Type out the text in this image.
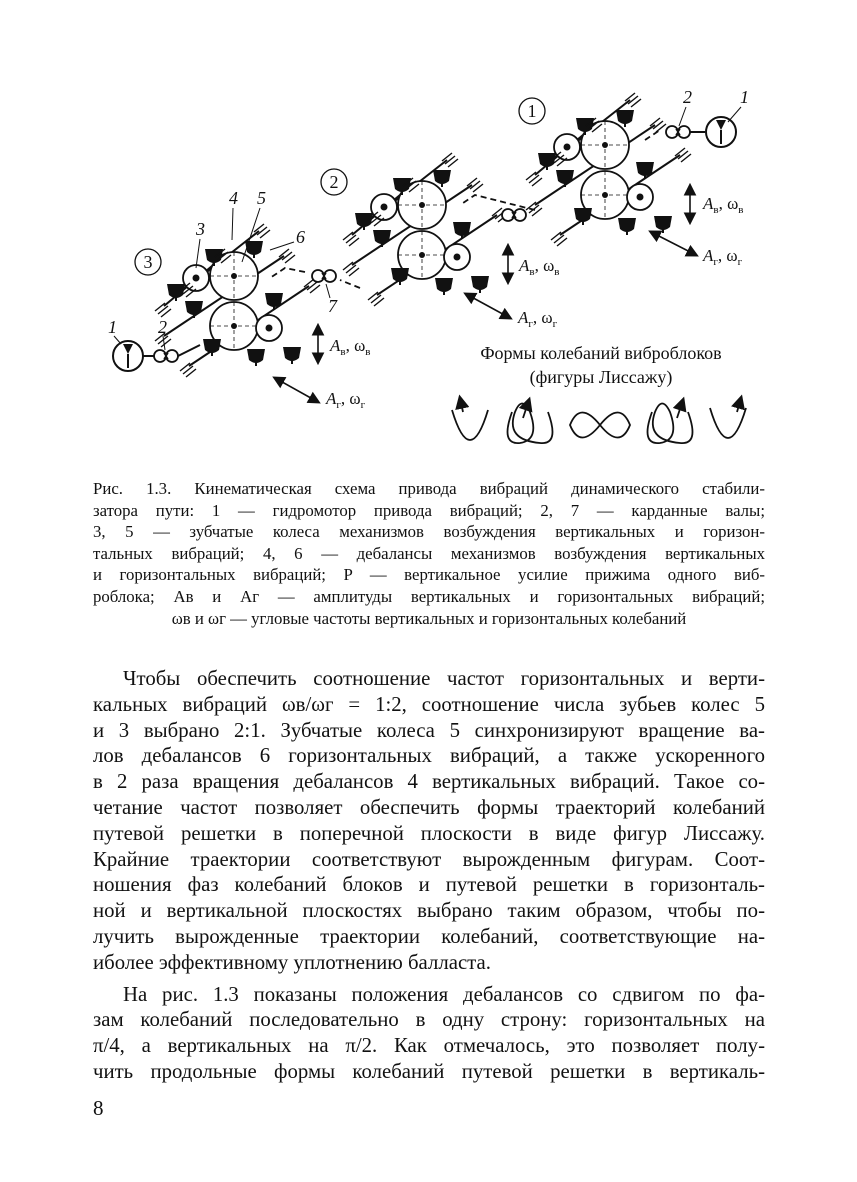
1
2
3
1
2
3
4 5
6
7
1 2
$A_в$, $\omega_в$
$A_г$, $\omega_г$
$A_в$, $\omega_в$
$A_г$, $\omega_г$
$A_в$, $\omega_в$
$A_г$, $\omega_г$
Формы колебаний виброблоков
(фигуры Лиссажу)
Рис. 1.3. Кинематическая схема привода вибраций динамического стабили-
затора пути: 1 — гидромотор привода вибраций; 2, 7 — карданные валы;
3, 5 — зубчатые колеса механизмов возбуждения вертикальных и горизон-
тальных вибраций; 4, 6 — дебалансы механизмов возбуждения вертикальных
и горизонтальных вибраций; P — вертикальное усилие прижима одного виб-
роблока; Aв и Aг — амплитуды вертикальных и горизонтальных вибраций;
ωв и ωг — угловые частоты вертикальных и горизонтальных колебаний
Чтобы обеспечить соотношение частот горизонтальных и верти-
кальных вибраций ωв/ωг = 1:2, соотношение числа зубьев колес 5
и 3 выбрано 2:1. Зубчатые колеса 5 синхронизируют вращение ва-
лов дебалансов 6 горизонтальных вибраций, а также ускоренного
в 2 раза вращения дебалансов 4 вертикальных вибраций. Такое со-
четание частот позволяет обеспечить формы траекторий колебаний
путевой решетки в поперечной плоскости в виде фигур Лиссажу.
Крайние траектории соответствуют вырожденным фигурам. Соот-
ношения фаз колебаний блоков и путевой решетки в горизонталь-
ной и вертикальной плоскостях выбрано таким образом, чтобы по-
лучить вырожденные траектории колебаний, соответствующие на-
иболее эффективному уплотнению балласта.
На рис. 1.3 показаны положения дебалансов со сдвигом по фа-
зам колебаний последовательно в одну строну: горизонтальных на
π/4, а вертикальных на π/2. Как отмечалось, это позволяет полу-
чить продольные формы колебаний путевой решетки в вертикаль-
8
